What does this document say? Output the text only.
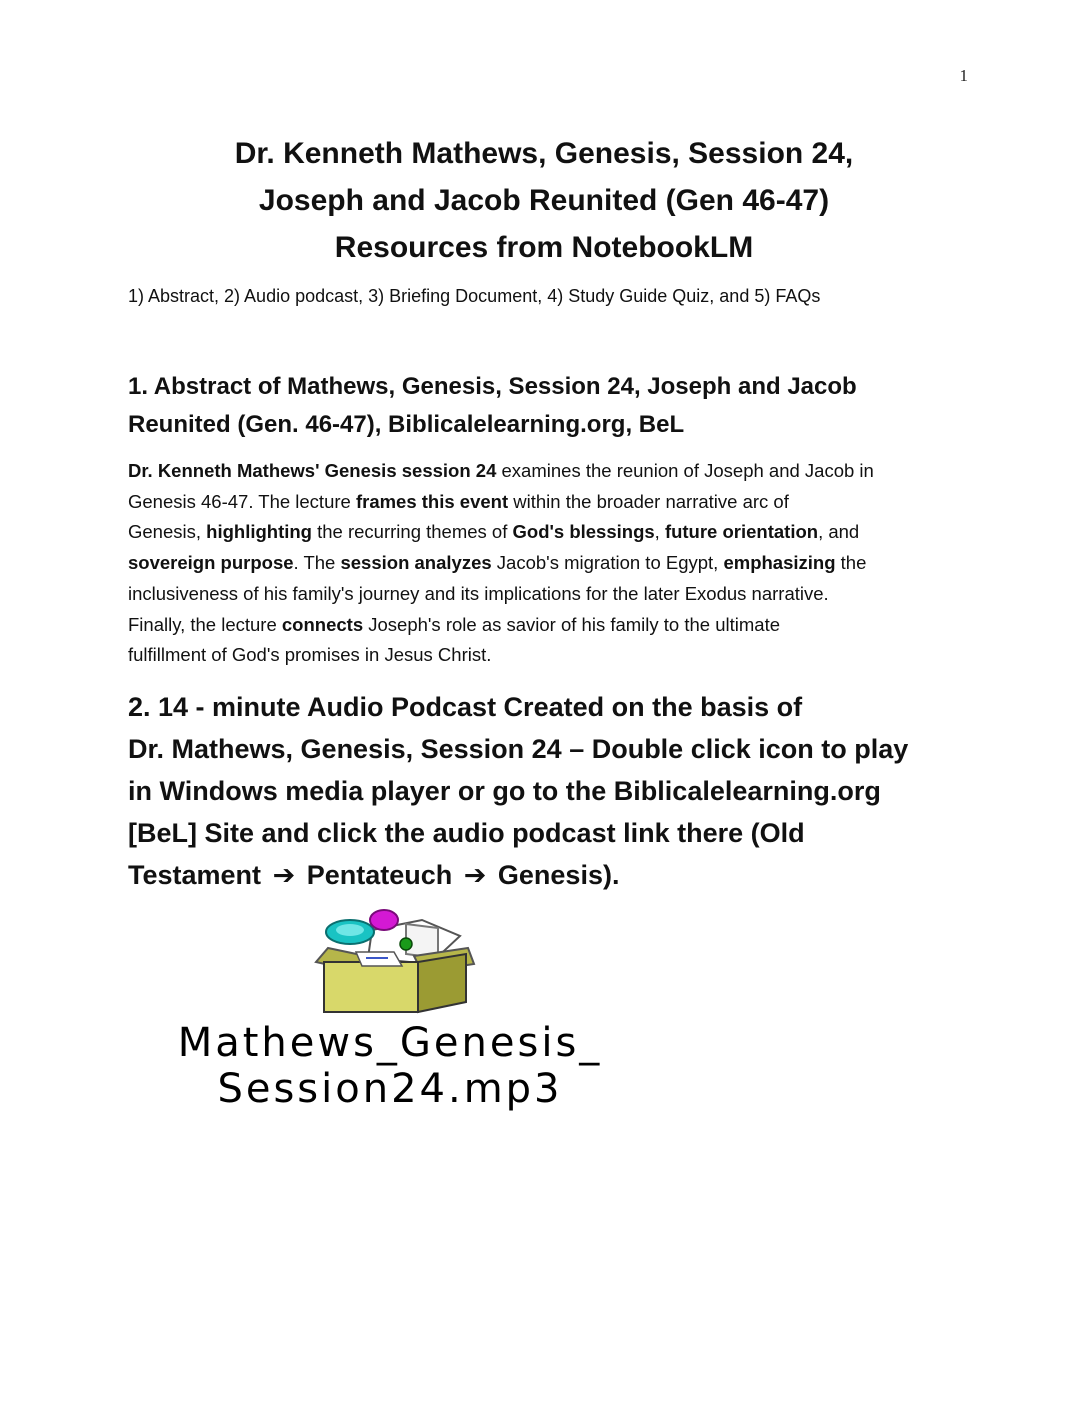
1
Dr. Kenneth Mathews, Genesis, Session 24,
Joseph and Jacob Reunited (Gen 46-47)
Resources from NotebookLM
1) Abstract, 2) Audio podcast, 3) Briefing Document, 4) Study Guide Quiz, and 5) FAQs
1. Abstract of Mathews, Genesis, Session 24, Joseph and Jacob
Reunited (Gen. 46-47), Biblicalelearning.org, BeL
Dr. Kenneth Mathews' Genesis session 24 examines the reunion of Joseph and Jacob in
Genesis 46-47. The lecture frames this event within the broader narrative arc of
Genesis, highlighting the recurring themes of God's blessings, future orientation, and
sovereign purpose. The session analyzes Jacob's migration to Egypt, emphasizing the
inclusiveness of his family's journey and its implications for the later Exodus narrative.
Finally, the lecture connects Joseph's role as savior of his family to the ultimate
fulfillment of God's promises in Jesus Christ.
2. 14 - minute Audio Podcast Created on the basis of
Dr. Mathews, Genesis, Session 24 – Double click icon to play
in Windows media player or go to the Biblicalelearning.org
[BeL] Site and click the audio podcast link there (Old
Testament ➔ Pentateuch ➔ Genesis).
Mathews_Genesis_
Session24.mp3
